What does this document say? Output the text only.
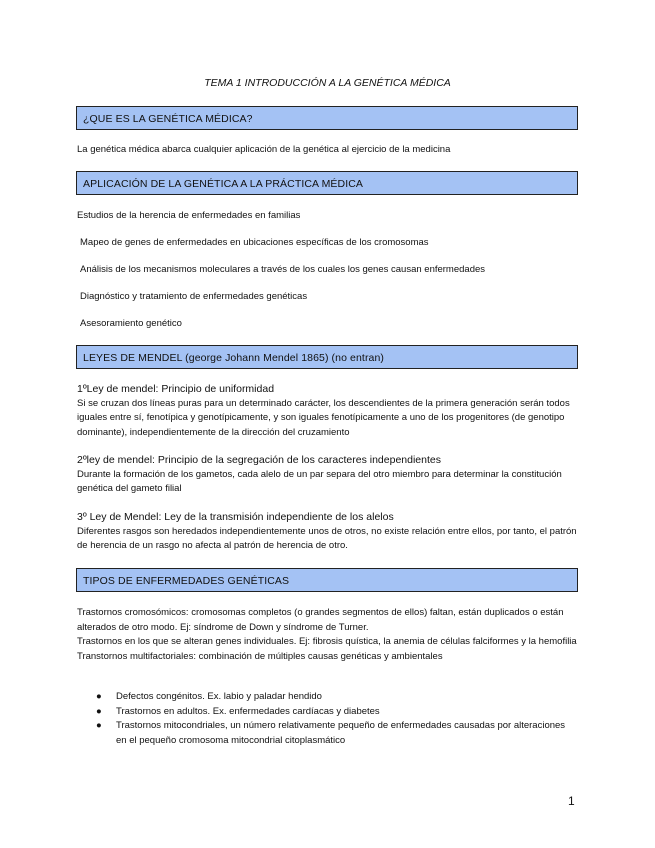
TEMA 1 INTRODUCCIÓN A LA GENÉTICA MÉDICA
¿QUE ES LA GENÉTICA MÉDICA?
La genética médica abarca cualquier aplicación de la genética al ejercicio de la medicina
APLICACIÓN DE LA GENÉTICA A LA PRÁCTICA MÉDICA
Estudios de la herencia de enfermedades en familias
Mapeo de genes de enfermedades en ubicaciones específicas de los cromosomas
Análisis de los mecanismos moleculares a través de los cuales los genes causan enfermedades
Diagnóstico y tratamiento de enfermedades genéticas
Asesoramiento genético
LEYES DE MENDEL (george Johann Mendel 1865) (no entran)
1ºLey de mendel: Principio de uniformidad
Si se cruzan dos líneas puras para un determinado carácter, los descendientes de la primera generación serán todos iguales entre sí, fenotípica y genotípicamente, y son iguales fenotípicamente a uno de los progenitores (de genotipo dominante), independientemente de la dirección del cruzamiento
2ºley de mendel: Principio de la segregación de los caracteres independientes
Durante la formación de los gametos, cada alelo de un par separa del otro miembro para determinar la constitución genética del gameto filial
3º Ley de Mendel: Ley de la transmisión independiente de los alelos
Diferentes rasgos son heredados independientemente unos de otros, no existe relación entre ellos, por tanto, el patrón de herencia de un rasgo no afecta al patrón de herencia de otro.
TIPOS DE ENFERMEDADES GENÉTICAS
Trastornos cromosómicos: cromosomas completos (o grandes segmentos de ellos) faltan, están duplicados o están alterados de otro modo. Ej: síndrome de Down y síndrome de Turner.
Trastornos en los que se alteran genes individuales. Ej: fibrosis quística, la anemia de células falciformes y la hemofilia
Transtornos multifactoriales: combinación de múltiples causas genéticas y ambientales
● Defectos congénitos. Ex. labio y paladar hendido
● Trastornos en adultos. Ex. enfermedades cardíacas y diabetes
● Trastornos mitocondriales, un número relativamente pequeño de enfermedades causadas por alteraciones en el pequeño cromosoma mitocondrial citoplasmático
1
